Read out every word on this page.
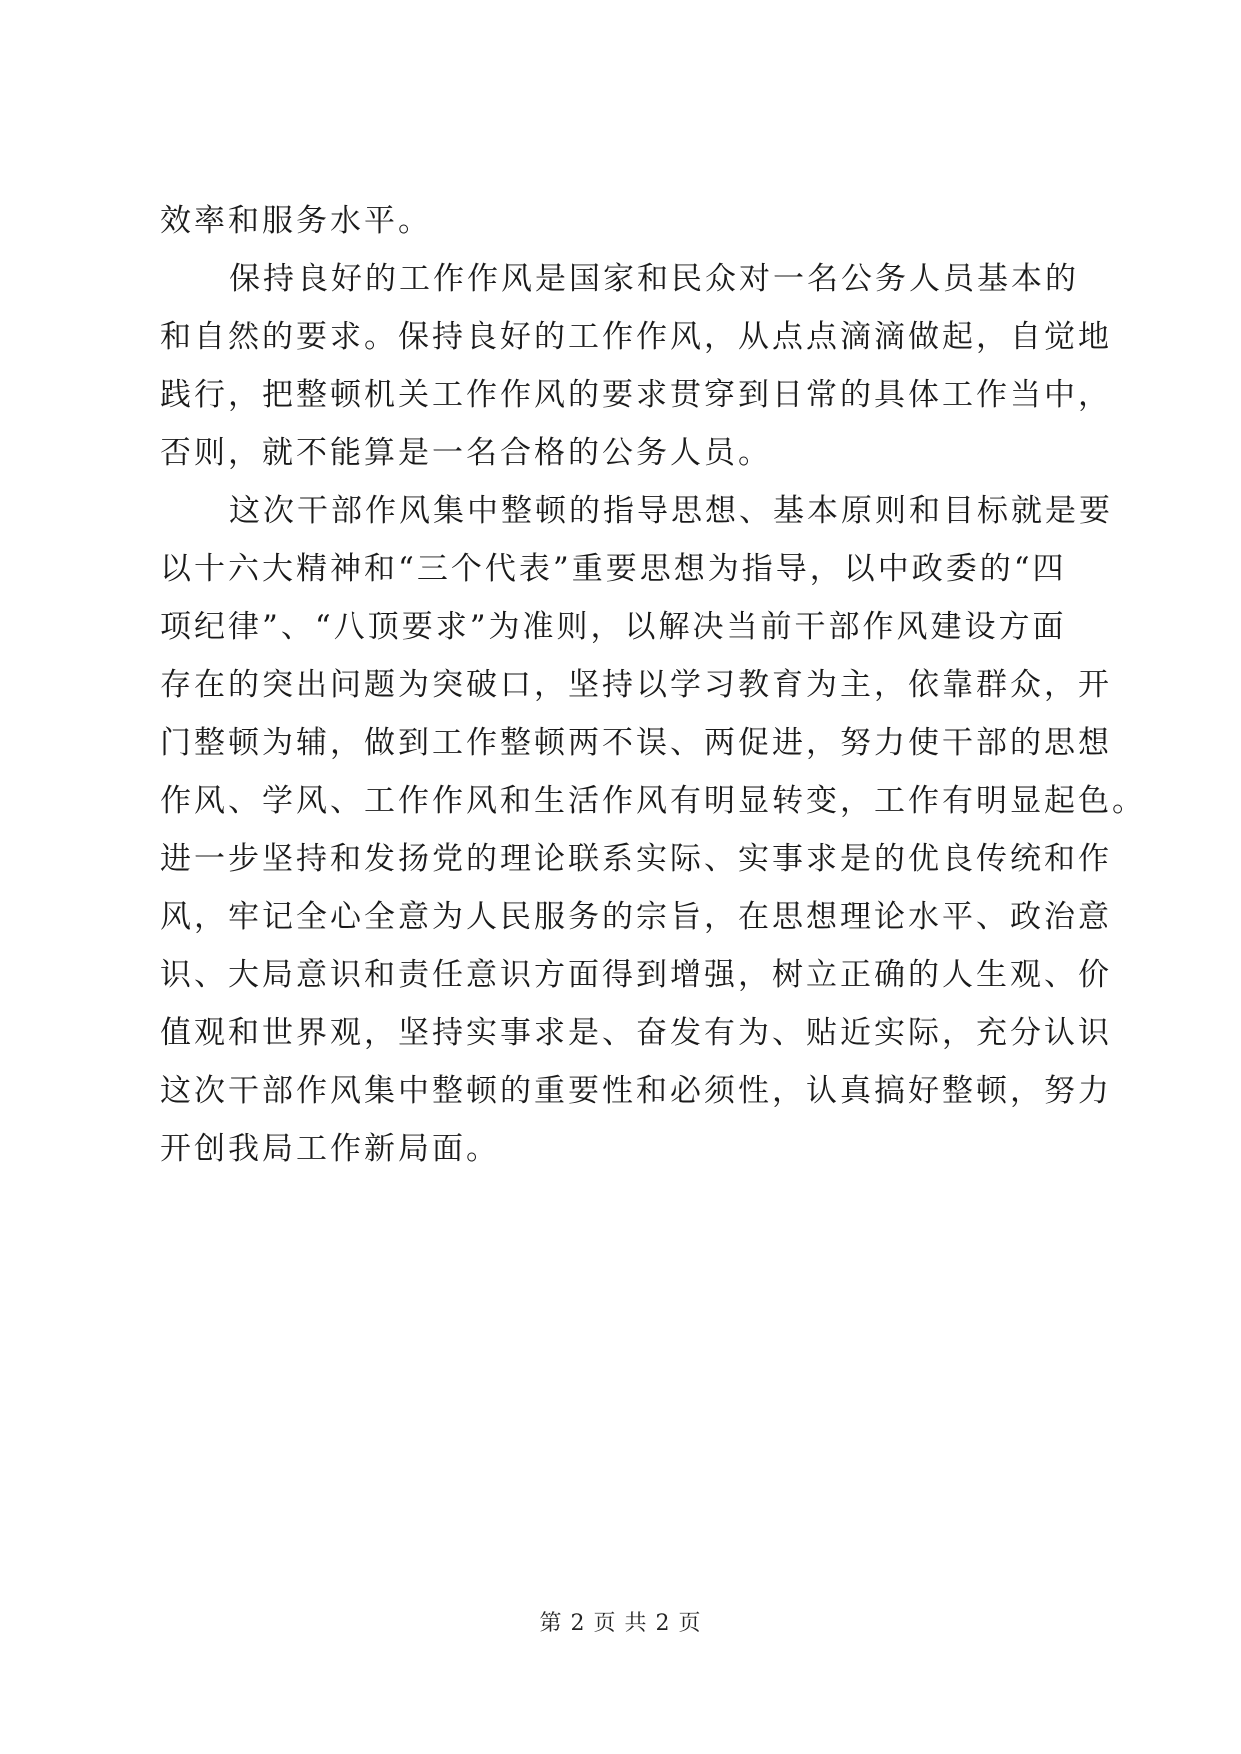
效率和服务水平。
保持良好的工作作风是国家和民众对一名公务人员基本的
和自然的要求。保持良好的工作作风，从点点滴滴做起，自觉地
践行，把整顿机关工作作风的要求贯穿到日常的具体工作当中，
否则，就不能算是一名合格的公务人员。
这次干部作风集中整顿的指导思想、基本原则和目标就是要
以十六大精神和“三个代表”重要思想为指导，以中政委的“四
项纪律”、“八顶要求”为准则，以解决当前干部作风建设方面
存在的突出问题为突破口，坚持以学习教育为主，依靠群众，开
门整顿为辅，做到工作整顿两不误、两促进，努力使干部的思想
作风、学风、工作作风和生活作风有明显转变，工作有明显起色。
进一步坚持和发扬党的理论联系实际、实事求是的优良传统和作
风，牢记全心全意为人民服务的宗旨，在思想理论水平、政治意
识、大局意识和责任意识方面得到增强，树立正确的人生观、价
值观和世界观，坚持实事求是、奋发有为、贴近实际，充分认识
这次干部作风集中整顿的重要性和必须性，认真搞好整顿，努力
开创我局工作新局面。
第 2 页 共 2 页
